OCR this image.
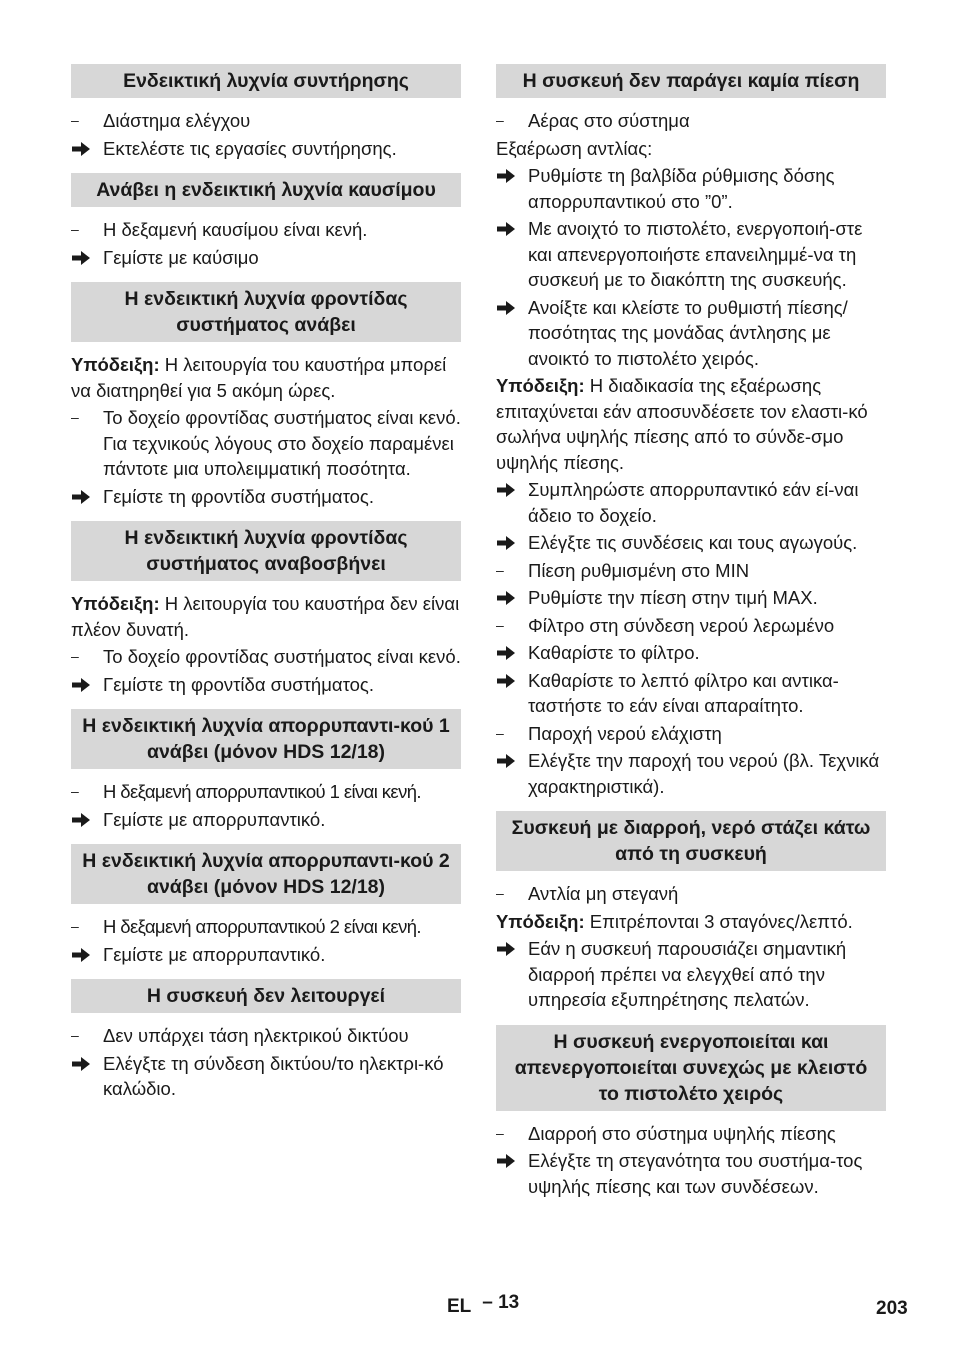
Ενδεικτική λυχνία συντήρησης
–	Διάστημα ελέγχου
Εκτελέστε τις εργασίες συντήρησης.
Ανάβει η ενδεικτική λυχνία καυσίμου
–	Η δεξαμενή καυσίμου είναι κενή.
Γεμίστε με καύσιμο
Η ενδεικτική λυχνία φροντίδας συστήματος ανάβει
Υπόδειξη: Η λειτουργία του καυστήρα μπορεί να διατηρηθεί για 5 ακόμη ώρες.
–	Το δοχείο φροντίδας συστήματος είναι κενό. Για τεχνικούς λόγους στο δοχείο παραμένει πάντοτε μια υπολειμματική ποσότητα.
Γεμίστε τη φροντίδα συστήματος.
Η ενδεικτική λυχνία φροντίδας συστήματος αναβοσβήνει
Υπόδειξη: Η λειτουργία του καυστήρα δεν είναι πλέον δυνατή.
–	Το δοχείο φροντίδας συστήματος είναι κενό.
Γεμίστε τη φροντίδα συστήματος.
Η ενδεικτική λυχνία απορρυπαντι-κού 1 ανάβει (μόνον HDS 12/18)
–	Η δεξαμενή απορρυπαντικού 1 είναι κενή.
Γεμίστε με απορρυπαντικό.
Η ενδεικτική λυχνία απορρυπαντι-κού 2 ανάβει (μόνον HDS 12/18)
–	Η δεξαμενή απορρυπαντικού 2 είναι κενή.
Γεμίστε με απορρυπαντικό.
Η συσκευή δεν λειτουργεί
–	Δεν υπάρχει τάση ηλεκτρικού δικτύου
Ελέγξτε τη σύνδεση δικτύου/το ηλεκτρι-κό καλώδιο.
Η συσκευή δεν παράγει καμία πίεση
–	Αέρας στο σύστημα
Εξαέρωση αντλίας:
Ρυθμίστε τη βαλβίδα ρύθμισης δόσης απορρυπαντικού στο ”0”.
Με ανοιχτό το πιστολέτο, ενεργοποιή-στε και απενεργοποιήστε επανειλημμέ-να τη συσκευή με το διακόπτη της συσκευής.
Ανοίξτε και κλείστε το ρυθμιστή πίεσης/ποσότητας της μονάδας άντλησης με ανοικτό το πιστολέτο χειρός.
Υπόδειξη: Η διαδικασία της εξαέρωσης επιταχύνεται εάν αποσυνδέσετε τον ελαστι-κό σωλήνα υψηλής πίεσης από το σύνδε-σμο υψηλής πίεσης.
Συμπληρώστε απορρυπαντικό εάν εί-ναι άδειο το δοχείο.
Ελέγξτε τις συνδέσεις και τους αγωγούς.
–	Πίεση ρυθμισμένη στο MIN
Ρυθμίστε την πίεση στην τιμή MAX.
–	Φίλτρο στη σύνδεση νερού λερωμένο
Καθαρίστε το φίλτρο.
Καθαρίστε το λεπτό φίλτρο και αντικα-ταστήστε το εάν είναι απαραίτητο.
–	Παροχή νερού ελάχιστη
Ελέγξτε την παροχή του νερού (βλ. Τεχνικά χαρακτηριστικά).
Συσκευή με διαρροή, νερό στάζει κάτω από τη συσκευή
–	Αντλία μη στεγανή
Υπόδειξη: Επιτρέπονται 3 σταγόνες/λεπτό.
Εάν η συσκευή παρουσιάζει σημαντική διαρροή πρέπει να ελεγχθεί από την υπηρεσία εξυπηρέτησης πελατών.
Η συσκευή ενεργοποιείται και απενεργοποιείται συνεχώς με κλειστό το πιστολέτο χειρός
–	Διαρροή στο σύστημα υψηλής πίεσης
Ελέγξτε τη στεγανότητα του συστήμα-τος υψηλής πίεσης και των συνδέσεων.
EL – 13	203
